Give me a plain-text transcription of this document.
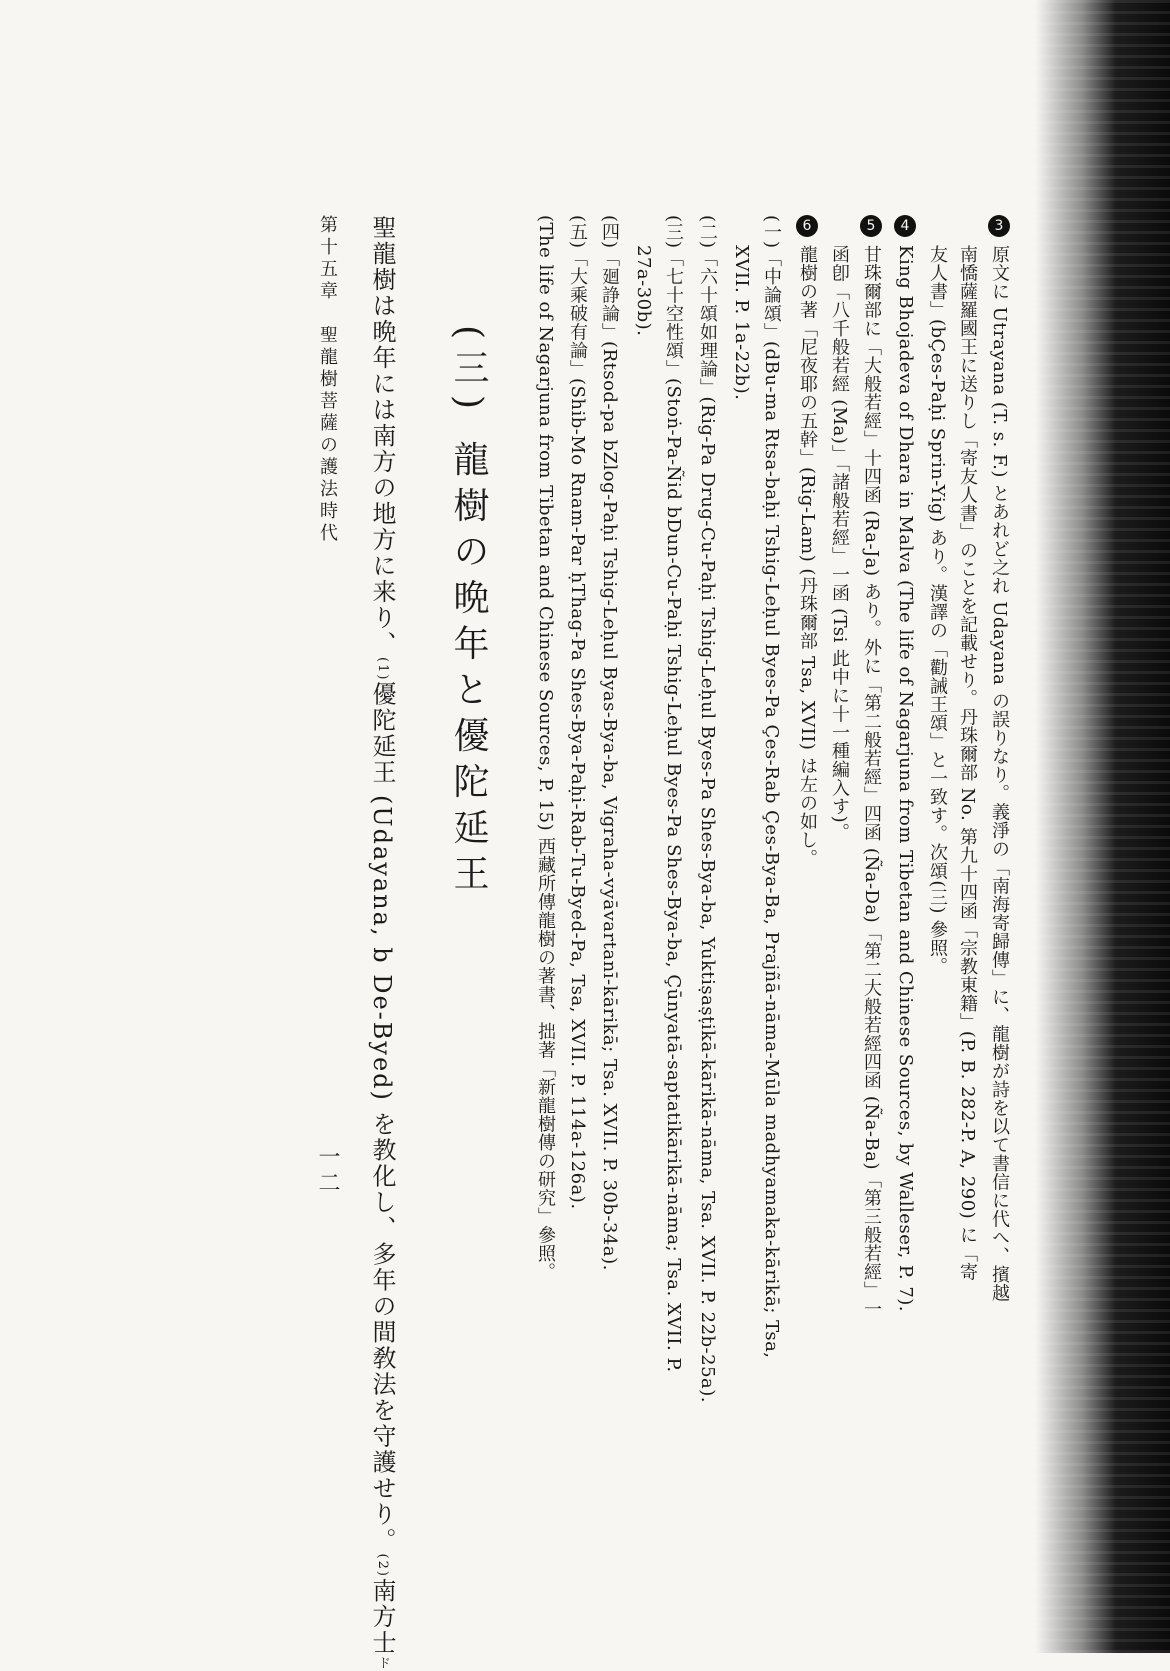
3原文に Utrayana (T. s. F.) とあれど之れ Udayana の誤りなり。義淨の「南海寄歸傳」に、龍樹が詩を以て書信に代へ、擯越
南憍薩羅國王に送りし「寄友人書」のことを記載せり。丹珠爾部 No. 第九十四函「宗教東籍」(P. B. 282-P. A, 290) に「寄
友人書」(bÇes-Paḥi Sprin-Yig) あり。漢譯の「勸誡王頌」と一致す。次頌(三) 參照。
4King Bhojadeva of Dhara in Malva (The life of Nagarjuna from Tibetan and Chinese Sources, by Walleser, P. 7).
5甘珠爾部に「大般若經」十四函 (Ra-Ja) あり。外に「第二般若經」四函 (Ña-Da)「第二大般若經四函 (Ña-Ba)「第三般若經」一
函卽「八千般若經 (Ma)」「諸般若經」一函 (Tsi 此中に十一種編入す)。
6龍樹の著「尼夜耶の五幹」(Rig-Lam) (丹珠爾部 Tsa, XVII) は左の如し。
(一)「中論頌」(dBu-ma Rtsa-baḥi Tshig-Leḥul Byes-Pa Çes-Rab Çes-Bya-Ba, Prajñā-nāma-Mūla madhyamaka-kārikā; Tsa,
XVII. P. 1a-22b).
(二)「六十頌如理論」(Rig-Pa Drug-Cu-Paḥi Tshig-Leḥul Byes-Pa Shes-Bya-ba, Yuktiṣaṣṭikā-kārikā-nāma, Tsa. XVII. P. 22b-25a).
(三)「七十空性頌」(Stoṅ-Pa-Ñid bDun-Cu-Paḥi Tshig-Leḥul Byes-Pa Shes-Bya-ba, Çūnyatā-saptatikārikā-nāma; Tsa. XVII. P.
27a-30b).
(四)「廻諍論」(Rtsod-pa bZlog-Paḥi Tshig-Leḥul Byas-Bya-ba, Vigraha-vyāvartanī-kārikā; Tsa. XVII. P. 30b-34a).
(五)「大乘破有論」(Shib-Mo Rnam-Par ḥThag-Pa Shes-Bya-Paḥi-Rab-Tu-Byed-Pa, Tsa, XVII. P. 114a-126a).
(The life of Nagarjuna from Tibetan and Chinese Sources, P. 15) 西藏所傳龍樹の著書、拙著「新龍樹傳の研究」參照。
(三) 龍樹の晩年と優陀延王
聖龍樹は晩年には南方の地方に来り、(1)優陀延王 (Udayana, b De-Byed) を教化し、多年の間敎法を守護せり。(2)南方士ド
第十五章　聖龍樹菩薩の護法時代
一二
